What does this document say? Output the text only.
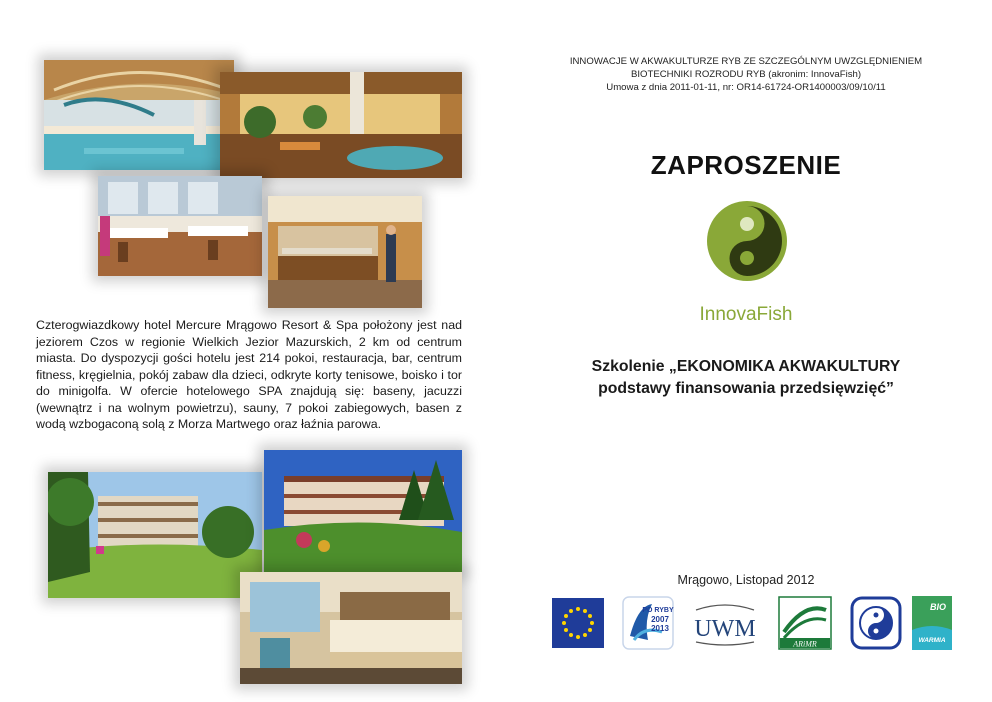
Czterogwiazdkowy hotel Mercure Mrągowo Resort & Spa położony jest nad jeziorem Czos w regionie Wielkich Jezior Mazurskich, 2 km od centrum miasta. Do dyspozycji gości hotelu jest 214 pokoi, restauracja, bar, centrum fitness, kręgielnia, pokój zabaw dla dzieci, odkryte korty tenisowe, boisko i tor do minigolfa. W ofercie hotelowego SPA znajdują się: baseny, jacuzzi (wewnątrz i na wolnym powietrzu), sauny, 7 pokoi zabiegowych, basen z wodą wzbogaconą solą z Morza Martwego oraz łaźnia parowa.

INNOWACJE W AKWAKULTURZE RYB ZE SZCZEGÓLNYM UWZGLĘDNIENIEM
BIOTECHNIKI ROZRODU RYB (akronim: InnovaFish)
Umowa z dnia 2011-01-11, nr: OR14-61724-OR1400003/09/10/11
ZAPROSZENIE
InnovaFish
Szkolenie „EKONOMIKA AKWAKULTURY
podstawy finansowania przedsięwzięć”
Mrągowo, Listopad 2012
PO RYBY
2007
2013 UWM
ARiMR
BIO
WARMIA
